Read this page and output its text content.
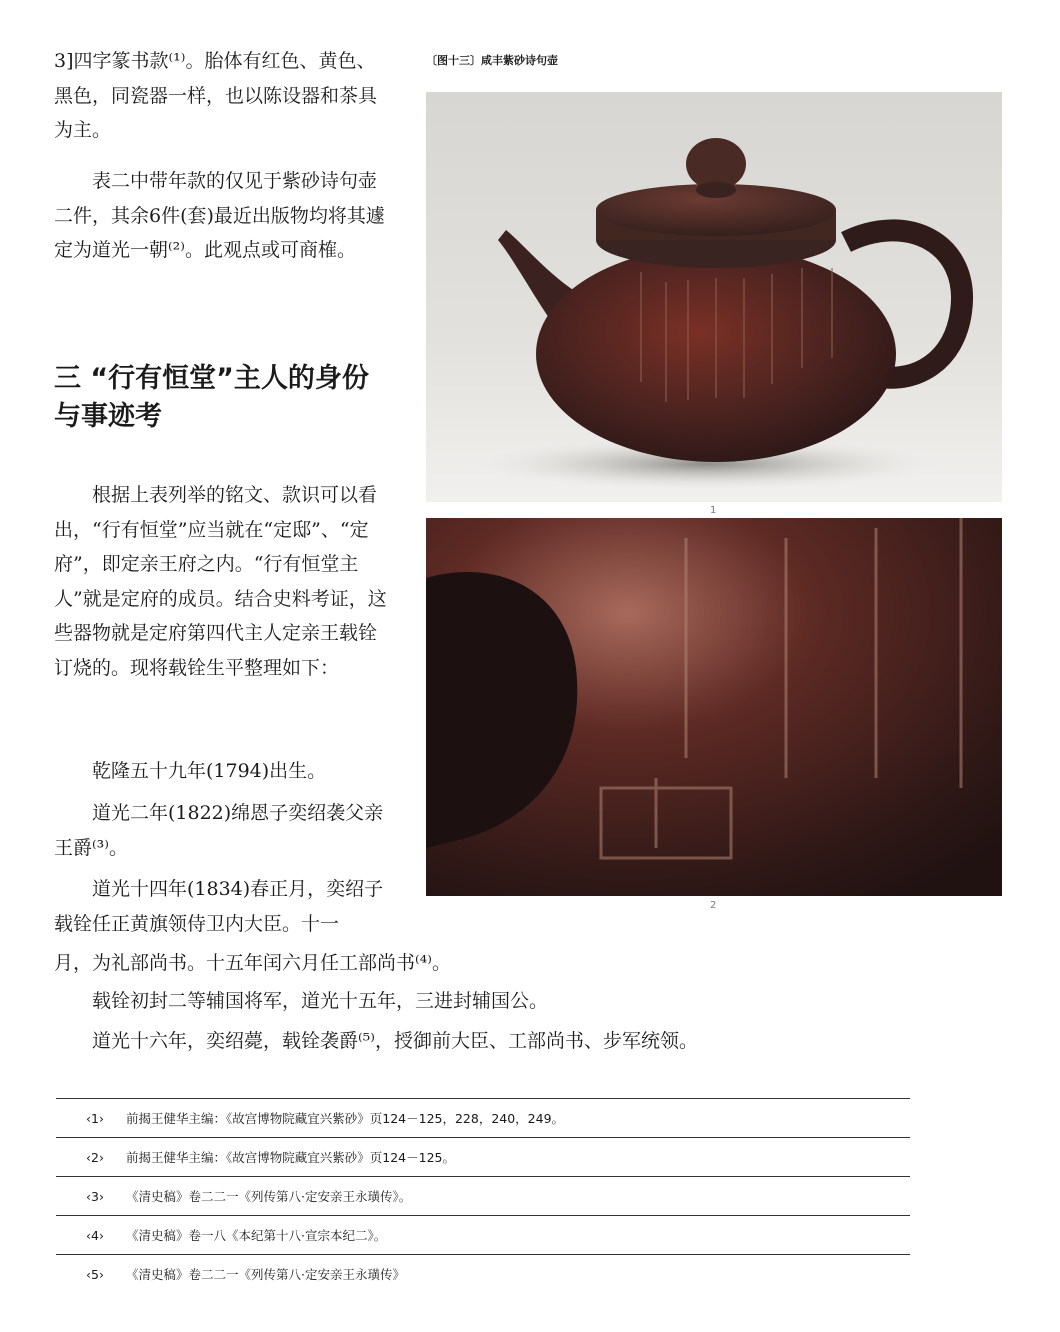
3]四字篆书款⁽¹⁾。胎体有红色、黄色、黑色，同瓷器一样，也以陈设器和茶具为主。

表二中带年款的仅见于紫砂诗句壶二件，其余6件(套)最近出版物均将其遽定为道光一朝⁽²⁾。此观点或可商榷。

三 “行有恒堂”主人的身份与事迹考

根据上表列举的铭文、款识可以看出，“行有恒堂”应当就在“定邸”、“定府”，即定亲王府之内。“行有恒堂主人”就是定府的成员。结合史料考证，这些器物就是定府第四代主人定亲王载铨订烧的。现将载铨生平整理如下：

乾隆五十九年(1794)出生。

道光二年(1822)绵恩子奕绍袭父亲王爵⁽³⁾。

道光十四年(1834)春正月，奕绍子载铨任正黄旗领侍卫内大臣。十一

月，为礼部尚书。十五年闰六月任工部尚书⁽⁴⁾。

载铨初封二等辅国将军，道光十五年，三进封辅国公。

道光十六年，奕绍薨，载铨袭爵⁽⁵⁾，授御前大臣、工部尚书、步军统领。

〔图十三〕咸丰紫砂诗句壶
1
2
‹1›	前揭王健华主编：《故宫博物院藏宜兴紫砂》页124－125，228，240，249。
‹2›	前揭王健华主编：《故宫博物院藏宜兴紫砂》页124－125。
‹3›	《清史稿》卷二二一《列传第八·定安亲王永璜传》。
‹4›	《清史稿》卷一八《本纪第十八·宣宗本纪二》。
‹5›	《清史稿》卷二二一《列传第八·定安亲王永璜传》
